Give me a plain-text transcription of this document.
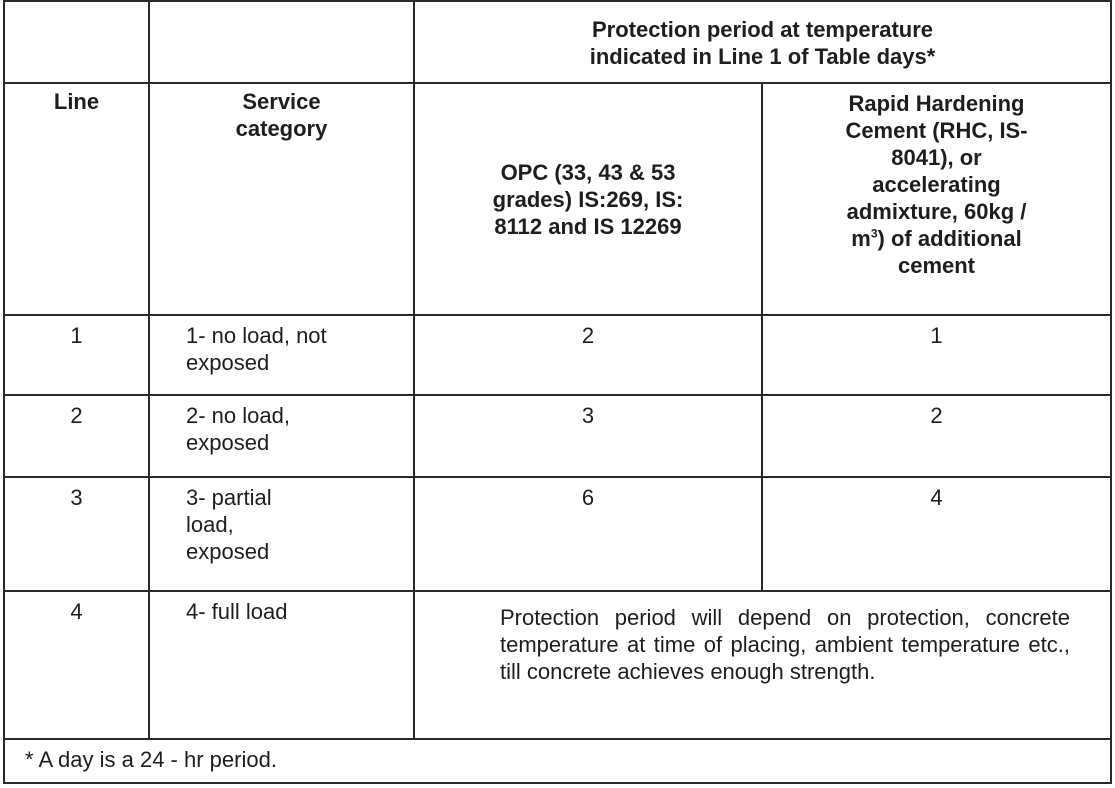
		Protection period at temperature indicated in Line 1 of Table days*	

Line	Service category	OPC (33, 43 & 53 grades) IS:269, IS: 8112 and IS 12269	Rapid Hardening Cement (RHC, IS-8041), or accelerating admixture, $60kg / m^3$) of additional cement

1	1- no load, not exposed	2	1
2	2- no load, exposed	3	2
3	3- partial load, exposed	6	4
4	4- full load	Protection period will depend on protection, concrete temperature at time of placing, ambient temperature etc., till concrete achieves enough strength.	
* A day is a 24 - hr period.			
